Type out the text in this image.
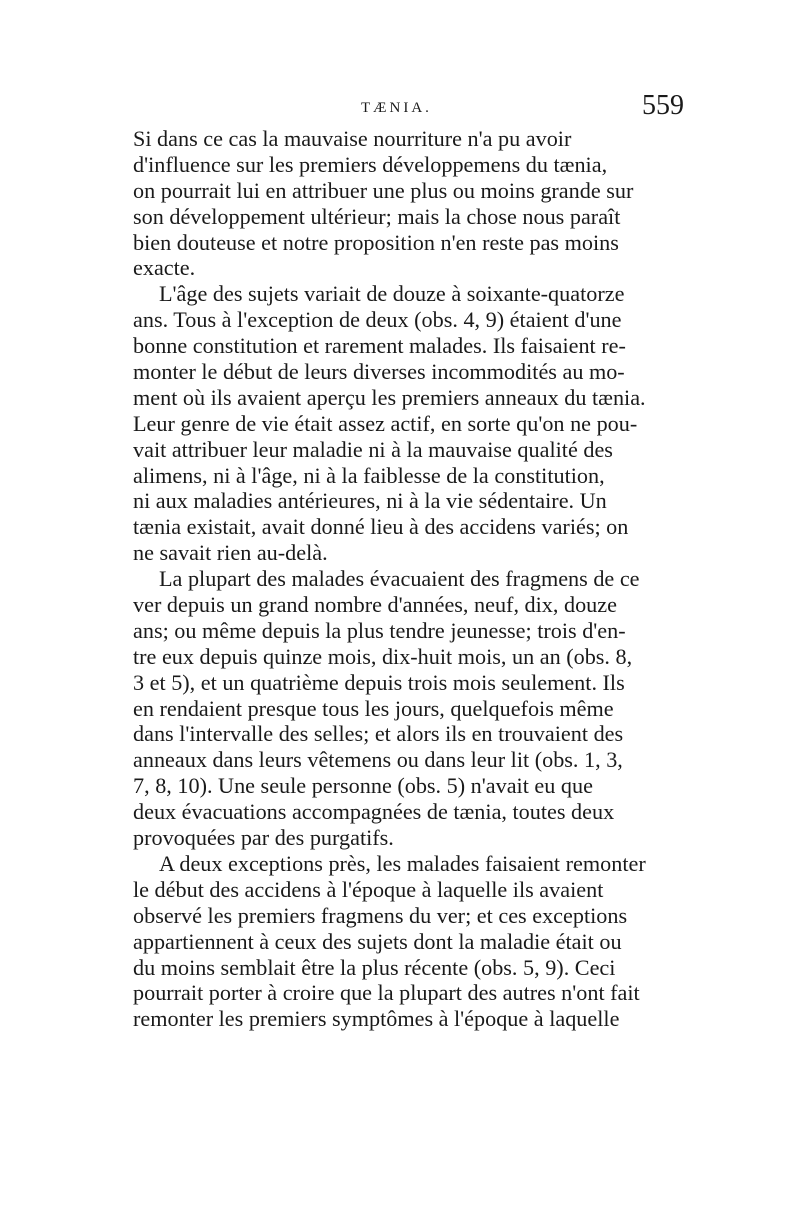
TÆNIA.	559
Si dans ce cas la mauvaise nourriture n'a pu avoir
d'influence sur les premiers développemens du tænia,
on pourrait lui en attribuer une plus ou moins grande sur
son développement ultérieur; mais la chose nous paraît
bien douteuse et notre proposition n'en reste pas moins
exacte.
L'âge des sujets variait de douze à soixante-quatorze
ans. Tous à l'exception de deux (obs. 4, 9) étaient d'une
bonne constitution et rarement malades. Ils faisaient re-
monter le début de leurs diverses incommodités au mo-
ment où ils avaient aperçu les premiers anneaux du tænia.
Leur genre de vie était assez actif, en sorte qu'on ne pou-
vait attribuer leur maladie ni à la mauvaise qualité des
alimens, ni à l'âge, ni à la faiblesse de la constitution,
ni aux maladies antérieures, ni à la vie sédentaire. Un
tænia existait, avait donné lieu à des accidens variés; on
ne savait rien au-delà.
La plupart des malades évacuaient des fragmens de ce
ver depuis un grand nombre d'années, neuf, dix, douze
ans; ou même depuis la plus tendre jeunesse; trois d'en-
tre eux depuis quinze mois, dix-huit mois, un an (obs. 8,
3 et 5), et un quatrième depuis trois mois seulement. Ils
en rendaient presque tous les jours, quelquefois même
dans l'intervalle des selles; et alors ils en trouvaient des
anneaux dans leurs vêtemens ou dans leur lit (obs. 1, 3,
7, 8, 10). Une seule personne (obs. 5) n'avait eu que
deux évacuations accompagnées de tænia, toutes deux
provoquées par des purgatifs.
A deux exceptions près, les malades faisaient remonter
le début des accidens à l'époque à laquelle ils avaient
observé les premiers fragmens du ver; et ces exceptions
appartiennent à ceux des sujets dont la maladie était ou
du moins semblait être la plus récente (obs. 5, 9). Ceci
pourrait porter à croire que la plupart des autres n'ont fait
remonter les premiers symptômes à l'époque à laquelle
